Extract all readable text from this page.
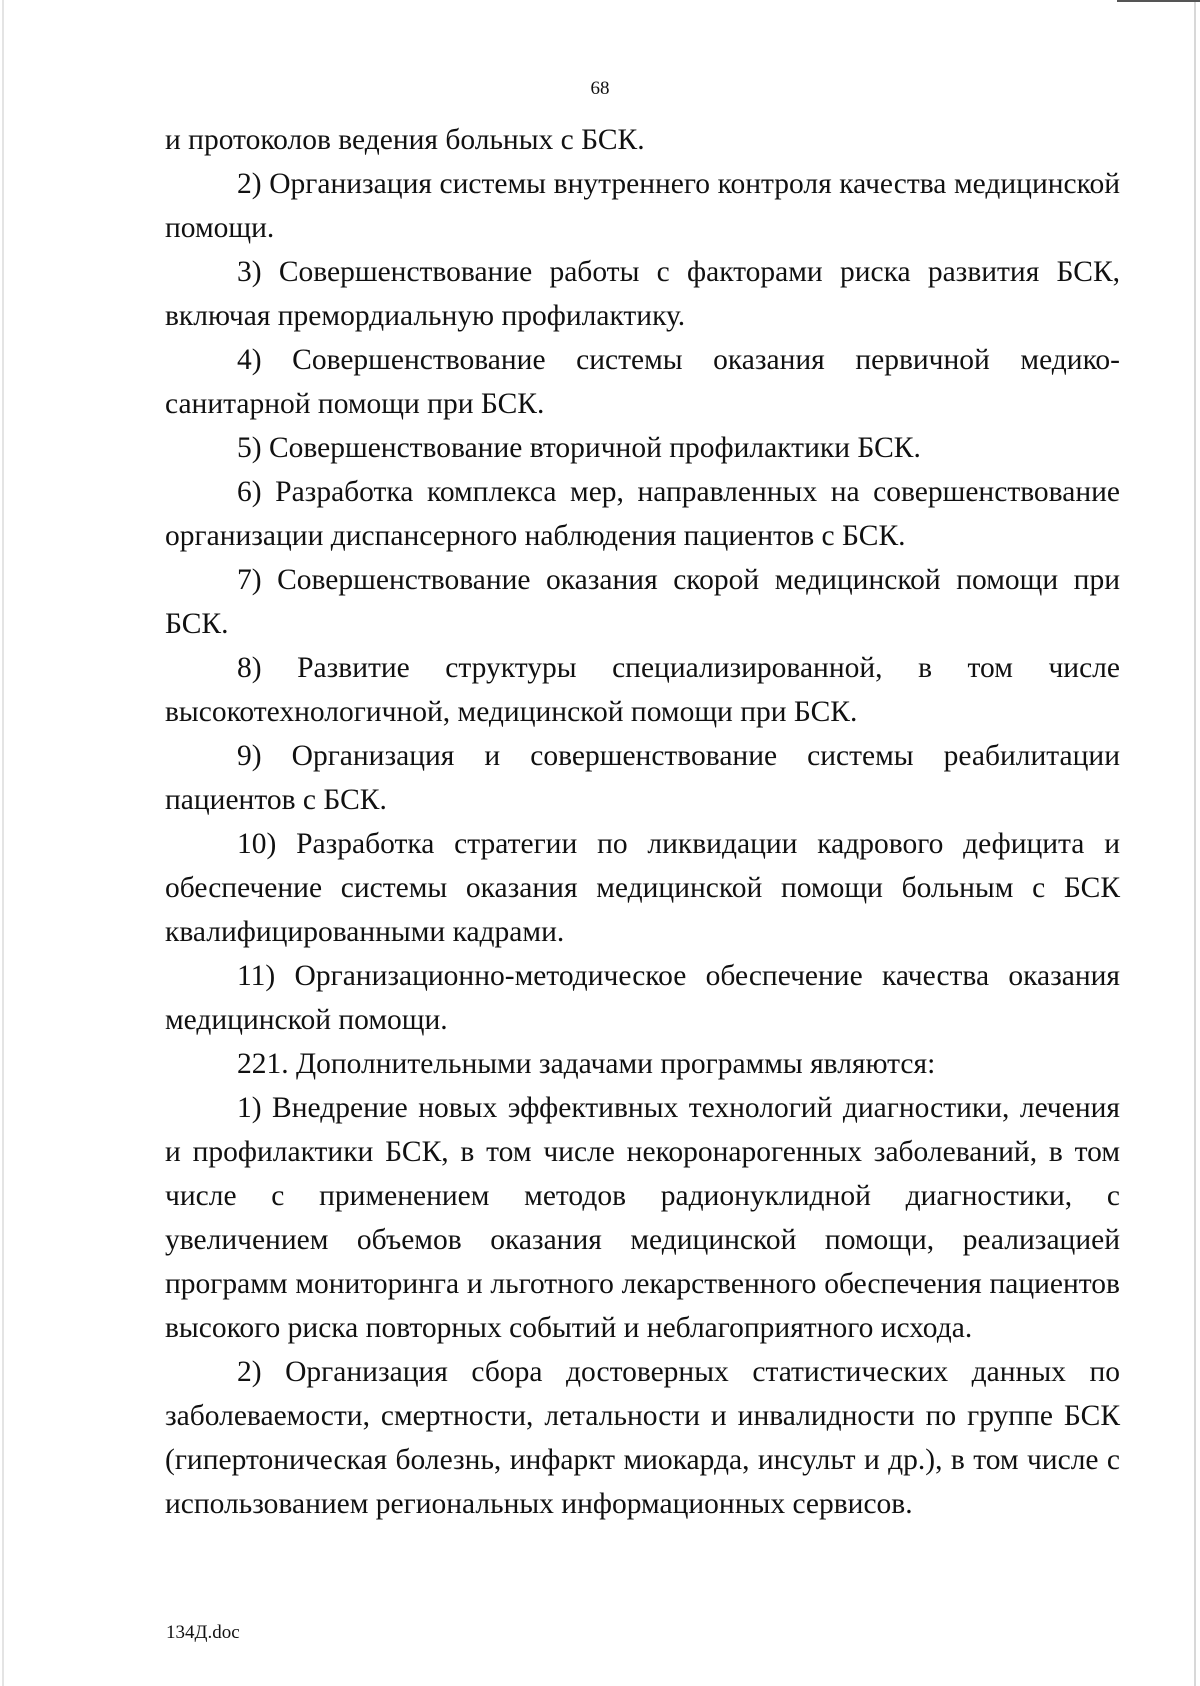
68

и протоколов ведения больных с БСК.

2) Организация системы внутреннего контроля качества медицинской помощи.

3) Совершенствование работы с факторами риска развития БСК, включая премордиальную профилактику.

4) Совершенствование системы оказания первичной медико-санитарной помощи при БСК.

5) Совершенствование вторичной профилактики БСК.

6) Разработка комплекса мер, направленных на совершенствование организации диспансерного наблюдения пациентов с БСК.

7) Совершенствование оказания скорой медицинской помощи при БСК.

8) Развитие структуры специализированной, в том числе высокотехнологичной, медицинской помощи при БСК.

9) Организация и совершенствование системы реабилитации пациентов с БСК.

10) Разработка стратегии по ликвидации кадрового дефицита и обеспечение системы оказания медицинской помощи больным с БСК квалифицированными кадрами.

11) Организационно-методическое обеспечение качества оказания медицинской помощи.

221. Дополнительными задачами программы являются:

1) Внедрение новых эффективных технологий диагностики, лечения и профилактики БСК, в том числе некоронарогенных заболеваний, в том числе с применением методов радионуклидной диагностики, с увеличением объемов оказания медицинской помощи, реализацией программ мониторинга и льготного лекарственного обеспечения пациентов высокого риска повторных событий и неблагоприятного исхода.

2) Организация сбора достоверных статистических данных по заболеваемости, смертности, летальности и инвалидности по группе БСК (гипертоническая болезнь, инфаркт миокарда, инсульт и др.), в том числе с использованием региональных информационных сервисов.

134Д.doc
